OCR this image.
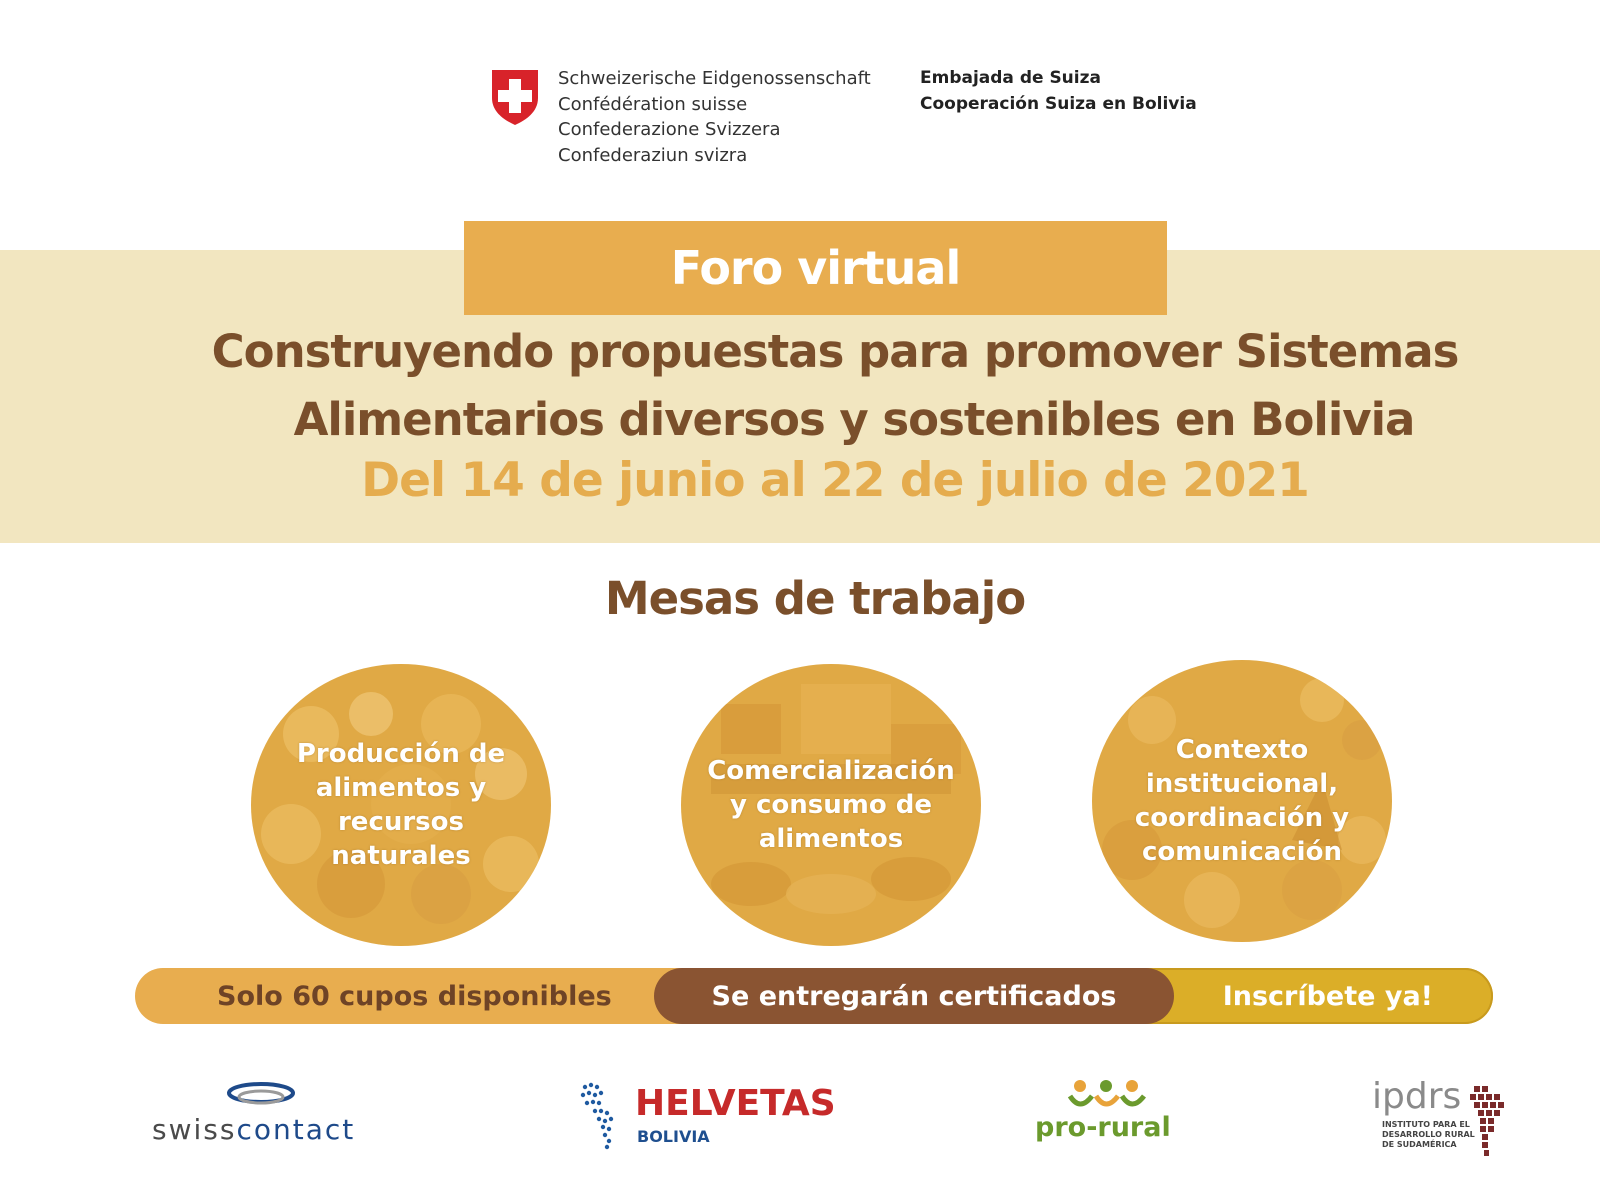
Schweizerische Eidgenossenschaft
Confédération suisse
Confederazione Svizzera
Confederaziun svizra
Embajada de Suiza
Cooperación Suiza en Bolivia
Foro virtual
Construyendo propuestas para promover Sistemas
Alimentarios diversos y sostenibles en Bolivia
Del 14 de junio al 22 de julio de 2021
Mesas de trabajo
Producción de
alimentos y
recursos
naturales
Comercialización
y consumo de
alimentos
Contexto
institucional,
coordinación y
comunicación
Solo 60 cupos disponibles	Inscríbete ya!
Se entregarán certificados
swisscontact
HELVETAS
BOLIVIA	pro-rural
ipdrs
INSTITUTO PARA EL
DESARROLLO RURAL
DE SUDAMÉRICA
